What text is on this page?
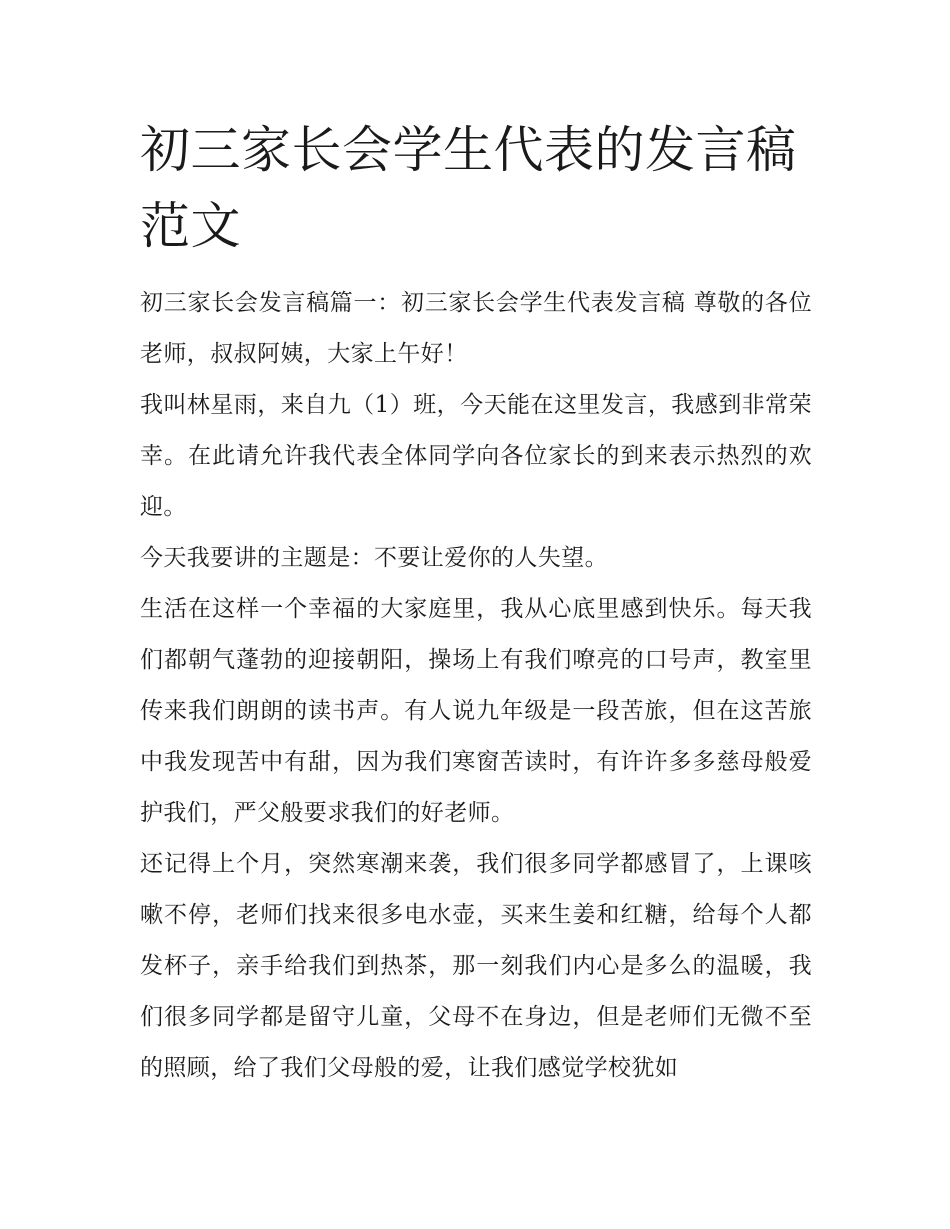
初三家长会学生代表的发言稿范文

初三家长会发言稿篇一：初三家长会学生代表发言稿 尊敬的各位老师，叔叔阿姨，大家上午好！

我叫林星雨，来自九（1）班，今天能在这里发言，我感到非常荣幸。在此请允许我代表全体同学向各位家长的到来表示热烈的欢迎。

今天我要讲的主题是：不要让爱你的人失望。

生活在这样一个幸福的大家庭里，我从心底里感到快乐。每天我们都朝气蓬勃的迎接朝阳，操场上有我们嘹亮的口号声，教室里传来我们朗朗的读书声。有人说九年级是一段苦旅，但在这苦旅中我发现苦中有甜，因为我们寒窗苦读时，有许许多多慈母般爱护我们，严父般要求我们的好老师。

还记得上个月，突然寒潮来袭，我们很多同学都感冒了，上课咳嗽不停，老师们找来很多电水壶，买来生姜和红糖，给每个人都发杯子，亲手给我们到热茶，那一刻我们内心是多么的温暖，我们很多同学都是留守儿童，父母不在身边，但是老师们无微不至的照顾，给了我们父母般的爱，让我们感觉学校犹如
